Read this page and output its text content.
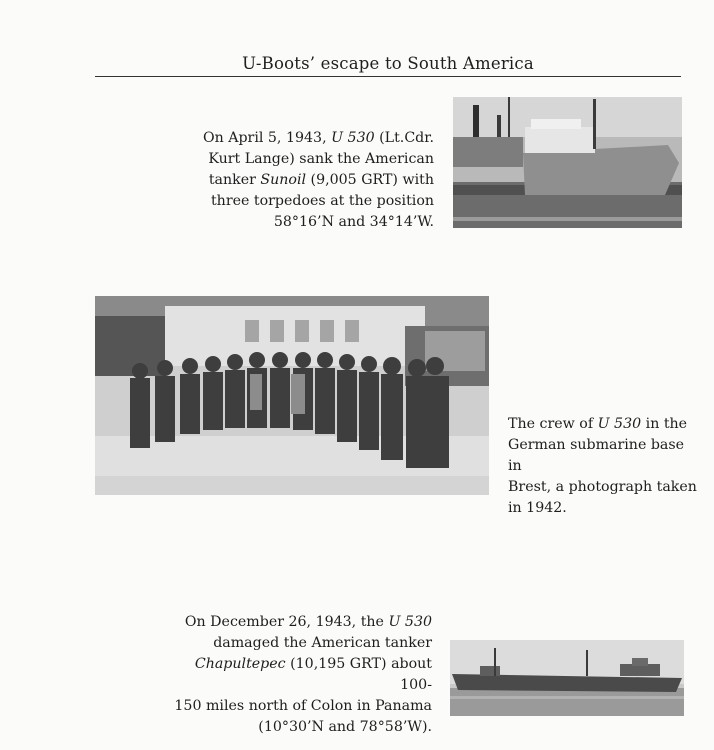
U-Boots’ escape to South America
On April 5, 1943, U 530 (Lt.Cdr.
Kurt Lange) sank the American
tanker Sunoil (9,005 GRT) with
three torpedoes at the position
58°16’N and 34°14’W.
The crew of U 530 in the
German submarine base in
Brest, a photograph taken
in 1942.
On December 26, 1943, the U 530
damaged the American tanker
Chapultepec (10,195 GRT) about 100-
150 miles north of Colon in Panama
(10°30’N and 78°58’W).
